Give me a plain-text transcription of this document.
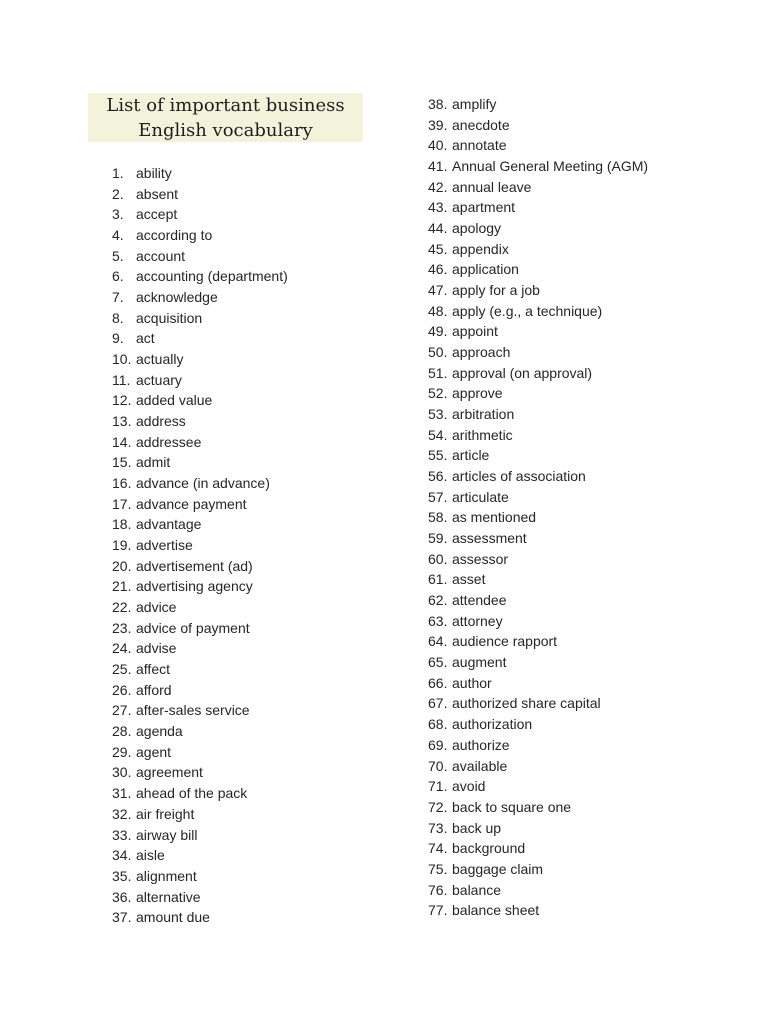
List of important business
English vocabulary
1. ability
2. absent
3. accept
4. according to
5. account
6. accounting (department)
7. acknowledge
8. acquisition
9. act
10. actually
11. actuary
12. added value
13. address
14. addressee
15. admit
16. advance (in advance)
17. advance payment
18. advantage
19. advertise
20. advertisement (ad)
21. advertising agency
22. advice
23. advice of payment
24. advise
25. affect
26. afford
27. after-sales service
28. agenda
29. agent
30. agreement
31. ahead of the pack
32. air freight
33. airway bill
34. aisle
35. alignment
36. alternative
37. amount due
38. amplify
39. anecdote
40. annotate
41. Annual General Meeting (AGM)
42. annual leave
43. apartment
44. apology
45. appendix
46. application
47. apply for a job
48. apply (e.g., a technique)
49. appoint
50. approach
51. approval (on approval)
52. approve
53. arbitration
54. arithmetic
55. article
56. articles of association
57. articulate
58. as mentioned
59. assessment
60. assessor
61. asset
62. attendee
63. attorney
64. audience rapport
65. augment
66. author
67. authorized share capital
68. authorization
69. authorize
70. available
71. avoid
72. back to square one
73. back up
74. background
75. baggage claim
76. balance
77. balance sheet
